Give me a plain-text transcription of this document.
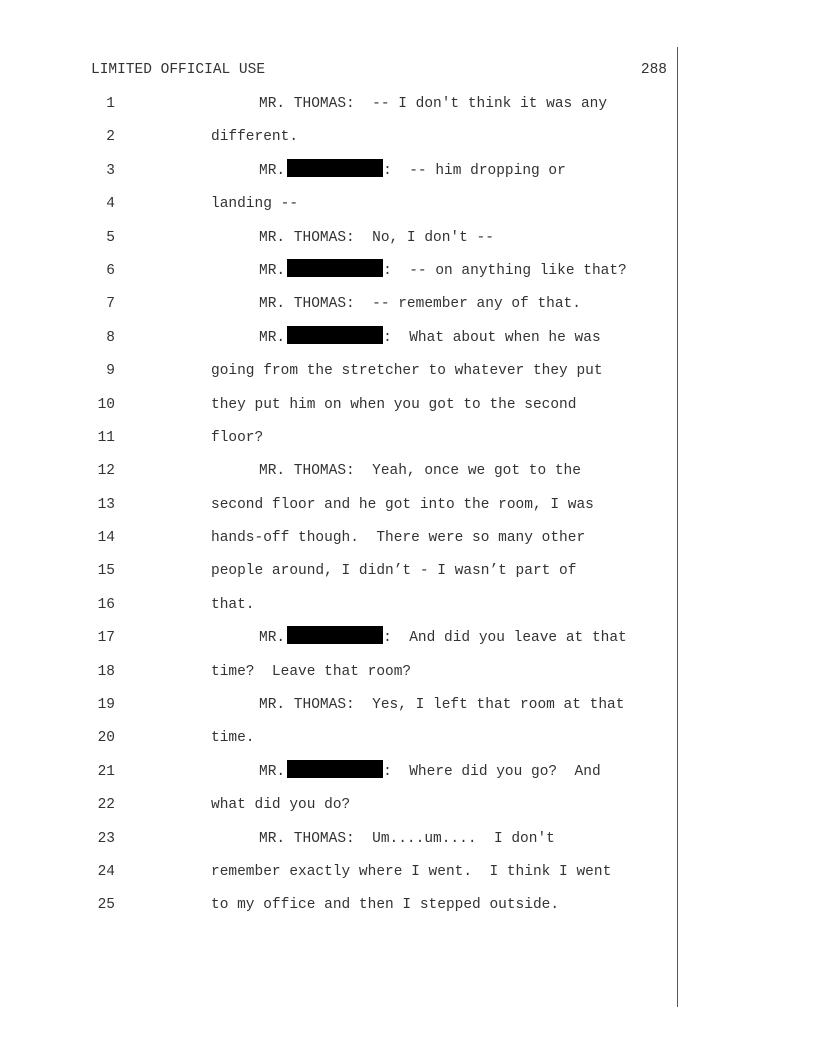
LIMITED OFFICIAL USE	288

1

	MR. THOMAS:  -- I don't think it was any

2

	different.

3

	MR.	:  -- him dropping or

4

	landing --

5

	MR. THOMAS:  No, I don't --

6

	MR.	:  -- on anything like that?

7

	MR. THOMAS:  -- remember any of that.

8

	MR.	:  What about when he was

9

	going from the stretcher to whatever they put

10

	they put him on when you got to the second

11

	floor?

12

	MR. THOMAS:  Yeah, once we got to the

13

	second floor and he got into the room, I was

14

	hands-off though.  There were so many other

15

	people around, I didn’t - I wasn’t part of

16

	that.

17

	MR.	:  And did you leave at that

18

	time?  Leave that room?

19

	MR. THOMAS:  Yes, I left that room at that

20

	time.

21

	MR.	:  Where did you go?  And

22

	what did you do?

23

	MR. THOMAS:  Um....um....  I don't

24

	remember exactly where I went.  I think I went

25

	to my office and then I stepped outside.
